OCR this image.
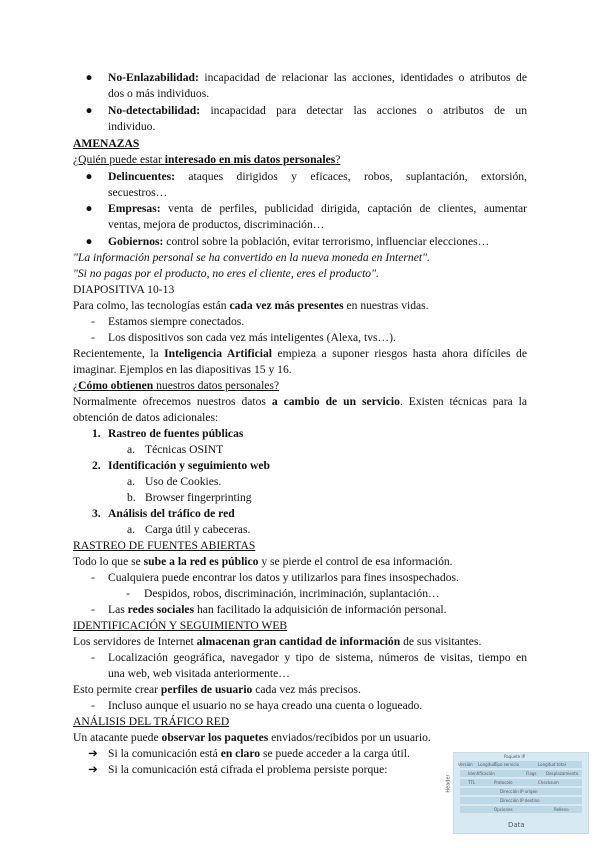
● No-Enlazabilidad: incapacidad de relacionar las acciones, identidades o atributos de
dos o más individuos.
● No-detectabilidad: incapacidad para detectar las acciones o atributos de un
individuo.
AMENAZAS
¿Quién puede estar interesado en mis datos personales?
● Delincuentes: ataques dirigidos y eficaces, robos, suplantación, extorsión,
secuestros…
● Empresas: venta de perfiles, publicidad dirigida, captación de clientes, aumentar
ventas, mejora de productos, discriminación…
● Gobiernos: control sobre la población, evitar terrorismo, influenciar elecciones…
"La información personal se ha convertido en la nueva moneda en Internet".
"Si no pagas por el producto, no eres el cliente, eres el producto".
DIAPOSITIVA 10-13
Para colmo, las tecnologías están cada vez más presentes en nuestras vidas.
- Estamos siempre conectados.
- Los dispositivos son cada vez más inteligentes (Alexa, tvs…).
Recientemente, la Inteligencia Artificial empieza a suponer riesgos hasta ahora difíciles de
imaginar. Ejemplos en las diapositivas 15 y 16.
¿Cómo obtienen nuestros datos personales?
Normalmente ofrecemos nuestros datos a cambio de un servicio. Existen técnicas para la
obtención de datos adicionales:
1. Rastreo de fuentes públicas
a. Técnicas OSINT
2. Identificación y seguimiento web
a. Uso de Cookies.
b. Browser fingerprinting
3. Análisis del tráfico de red
a. Carga útil y cabeceras.
RASTREO DE FUENTES ABIERTAS
Todo lo que se sube a la red es público y se pierde el control de esa información.
- Cualquiera puede encontrar los datos y utilizarlos para fines insospechados.
- Despidos, robos, discriminación, incriminación, suplantación…
- Las redes sociales han facilitado la adquisición de información personal.
IDENTIFICACIÓN Y SEGUIMIENTO WEB
Los servidores de Internet almacenan gran cantidad de información de sus visitantes.
- Localización geográfica, navegador y tipo de sistema, números de visitas, tiempo en
una web, web visitada anteriormente…
Esto permite crear perfiles de usuario cada vez más precisos.
- Incluso aunque el usuario no se haya creado una cuenta o logueado.
ANÁLISIS DEL TRÁFICO RED
Un atacante puede observar los paquetes enviados/recibidos por un usuario.
➔ Si la comunicación está en claro se puede acceder a la carga útil.
➔ Si la comunicación está cifrada el problema persiste porque:
Paquete IP
Versión Longitud
Tipo servicio	Longitud total
Identificación	Flags Desplazamiento
TTL	Protocolo	Checksum
Dirección IP origen
Dirección IP destino
Opciones	Relleno
Header
Data
